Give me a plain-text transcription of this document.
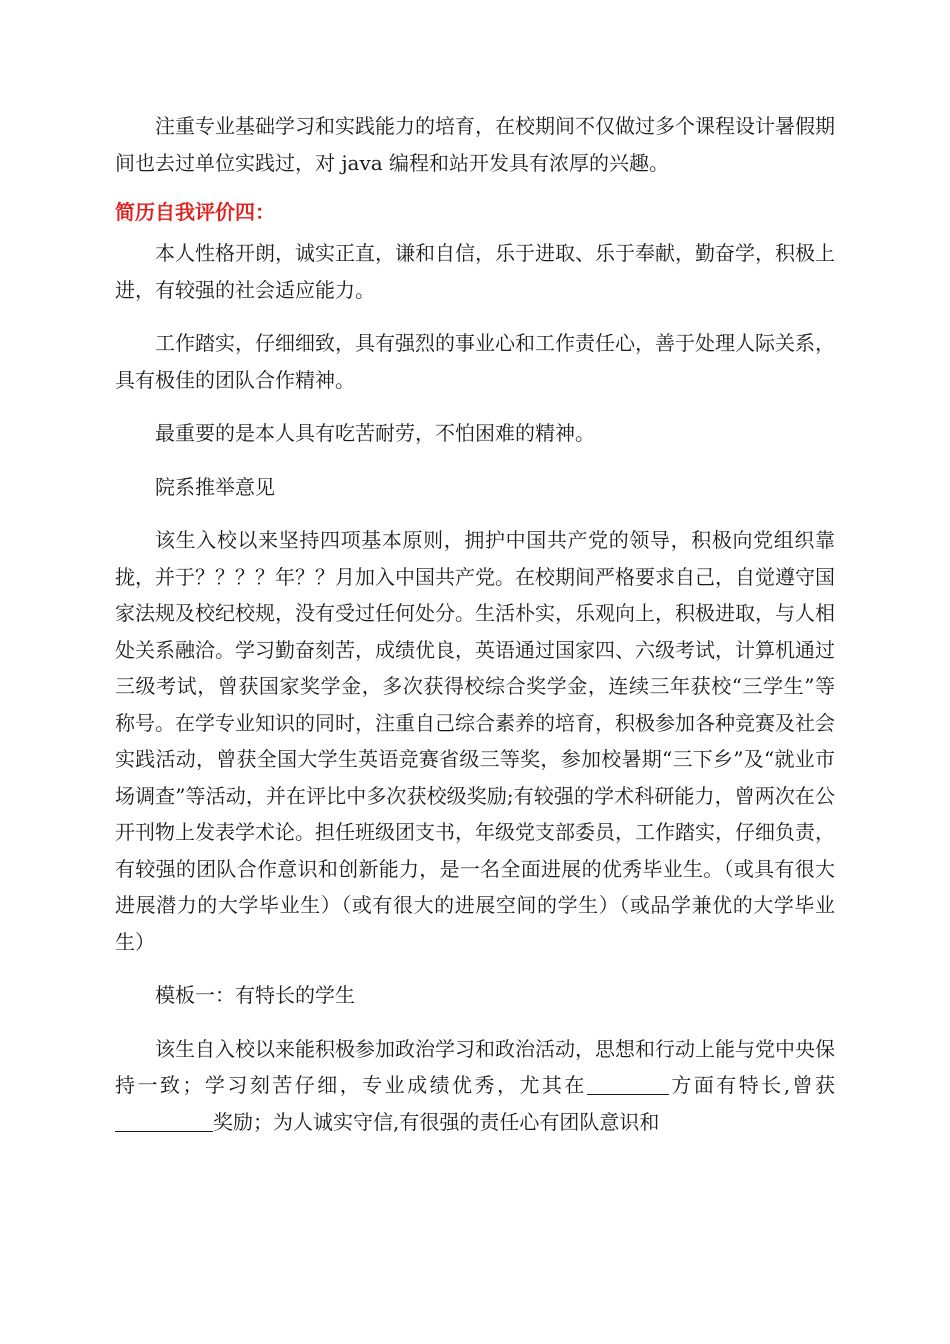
注重专业基础学习和实践能力的培育，在校期间不仅做过多个课程设计暑假期间也去过单位实践过，对 java 编程和站开发具有浓厚的兴趣。

简历自我评价四：

本人性格开朗，诚实正直，谦和自信，乐于进取、乐于奉献，勤奋学，积极上进，有较强的社会适应能力。

工作踏实，仔细细致，具有强烈的事业心和工作责任心，善于处理人际关系，具有极佳的团队合作精神。

最重要的是本人具有吃苦耐劳，不怕困难的精神。

院系推举意见

该生入校以来坚持四项基本原则，拥护中国共产党的领导，积极向党组织靠拢，并于？？？？年？？月加入中国共产党。在校期间严格要求自己，自觉遵守国家法规及校纪校规，没有受过任何处分。生活朴实，乐观向上，积极进取，与人相处关系融洽。学习勤奋刻苦，成绩优良，英语通过国家四、六级考试，计算机通过三级考试，曾获国家奖学金，多次获得校综合奖学金，连续三年获校“三学生”等称号。在学专业知识的同时，注重自己综合素养的培育，积极参加各种竞赛及社会实践活动，曾获全国大学生英语竞赛省级三等奖，参加校暑期“三下乡”及“就业市场调查”等活动，并在评比中多次获校级奖励;有较强的学术科研能力，曾两次在公开刊物上发表学术论。担任班级团支书，年级党支部委员，工作踏实，仔细负责，有较强的团队合作意识和创新能力，是一名全面进展的优秀毕业生。（或具有很大进展潜力的大学毕业生）（或有很大的进展空间的学生）（或品学兼优的大学毕业生）

模板一：有特长的学生

该生自入校以来能积极参加政治学习和政治活动，思想和行动上能与党中央保持一致；学习刻苦仔细，专业成绩优秀，尤其在	方面有特长,曾获奖励；为人诚实守信,有很强的责任心有团队意识和
